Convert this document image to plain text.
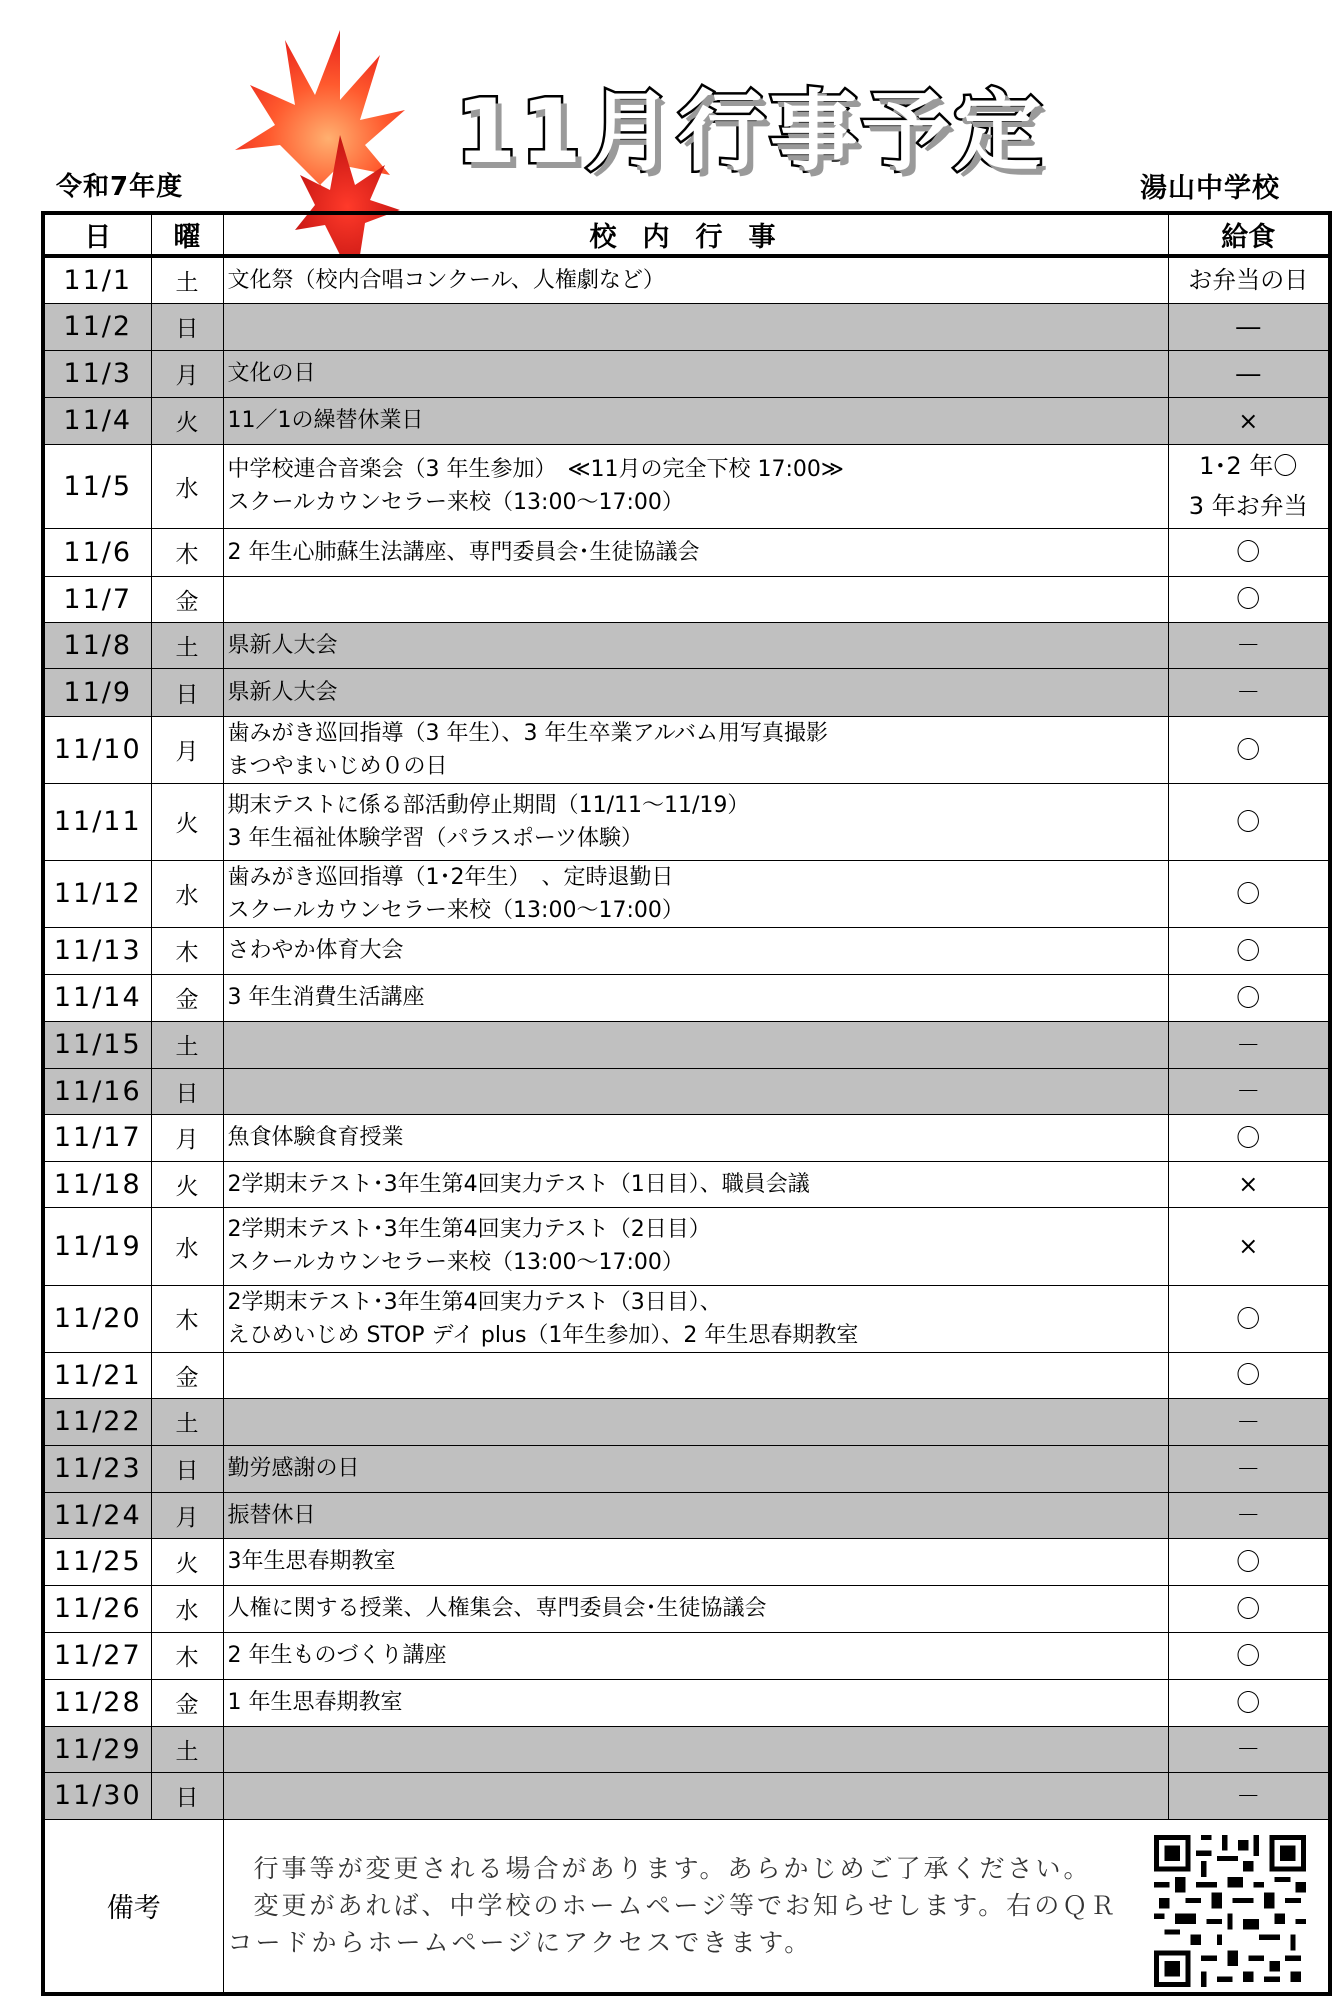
令和7年度
11月行事予定
湯山中学校
日	曜	校内行事	給食
11/1	土	文化祭（校内合唱コンクール、人権劇など）	お弁当の日

11/2	日		―

11/3	月	文化の日	―

11/4	火	11／1の繰替休業日	×

11/5	水	中学校連合音楽会（3 年生参加）　≪11月の完全下校 17:00≫
スクールカウンセラー来校（13:00～17:00）	1･2 年〇
3 年お弁当

11/6	木	2 年生心肺蘇生法講座、専門委員会･生徒協議会	〇

11/7	金		〇

11/8	土	県新人大会	－

11/9	日	県新人大会	－

11/10	月	歯みがき巡回指導（3 年生）、3 年生卒業アルバム用写真撮影
まつやまいじめ０の日	〇

11/11	火	期末テストに係る部活動停止期間（11/11～11/19）
3 年生福祉体験学習（パラスポーツ体験）	〇

11/12	水	歯みがき巡回指導（1･2年生）　、定時退勤日
スクールカウンセラー来校（13:00～17:00）	〇

11/13	木	さわやか体育大会	〇

11/14	金	3 年生消費生活講座	〇

11/15	土		－

11/16	日		－

11/17	月	魚食体験食育授業	〇

11/18	火	2学期末テスト･3年生第4回実力テスト（1日目）、職員会議	×

11/19	水	2学期末テスト･3年生第4回実力テスト（2日目）
スクールカウンセラー来校（13:00～17:00）	×

11/20	木	2学期末テスト･3年生第4回実力テスト（3日目）、
えひめいじめ STOP デイ plus（1年生参加）、2 年生思春期教室	〇

11/21	金		〇

11/22	土		－

11/23	日	勤労感謝の日	－

11/24	月	振替休日	－

11/25	火	3年生思春期教室	〇

11/26	水	人権に関する授業、人権集会、専門委員会･生徒協議会	〇

11/27	木	2 年生ものづくり講座	〇

11/28	金	1 年生思春期教室	〇

11/29	土		－

11/30	日		－

備考		行事等が変更される場合があります。あらかじめご了承ください。
変更があれば、中学校のホームページ等でお知らせします。右のＱＲ
コードからホームページにアクセスできます。	
